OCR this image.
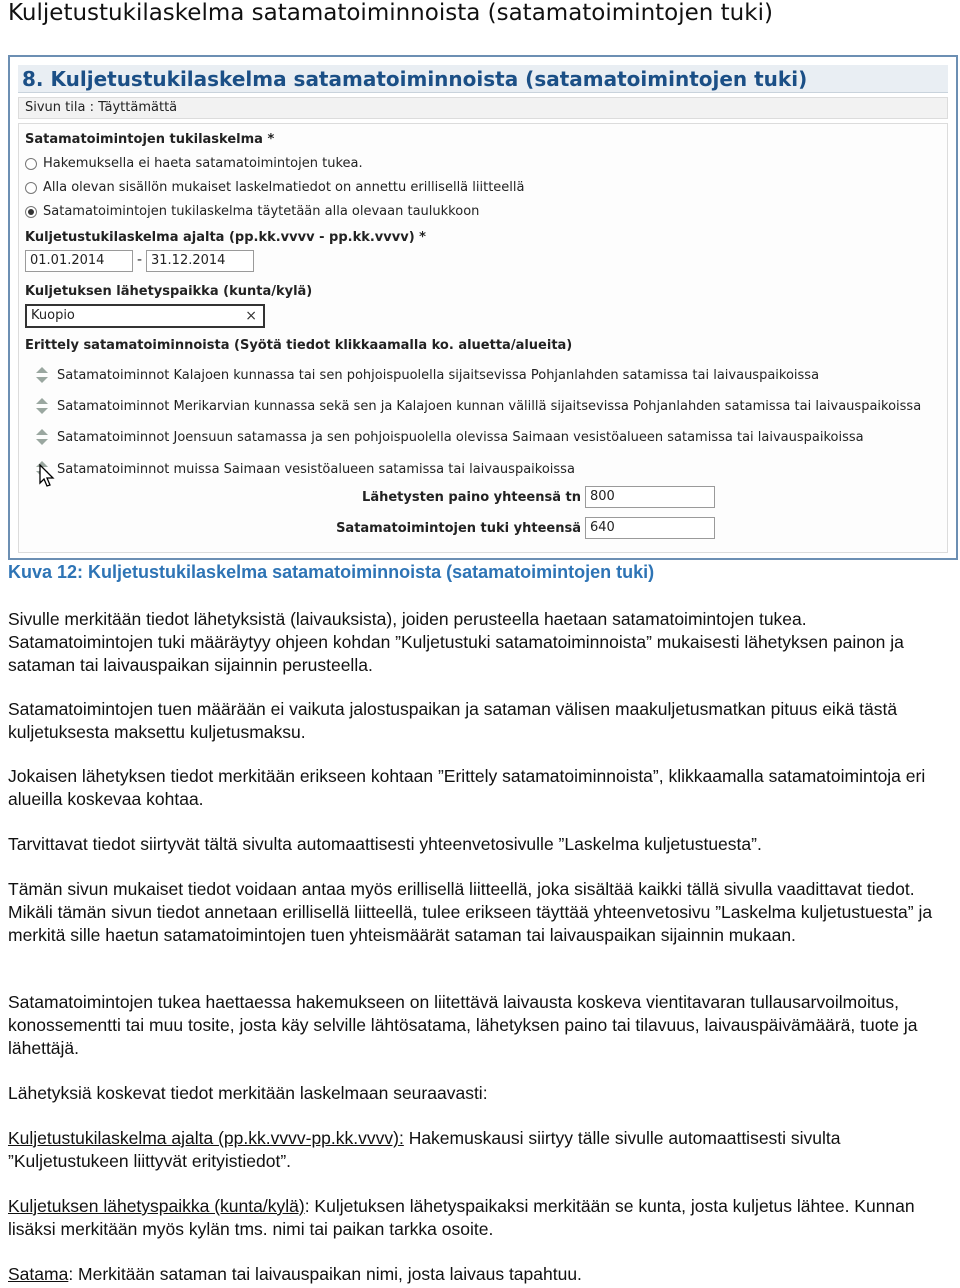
Kuljetustukilaskelma satamatoiminnoista (satamatoimintojen tuki)
8. Kuljetustukilaskelma satamatoiminnoista (satamatoimintojen tuki)
Sivun tila : Täyttämättä
Satamatoimintojen tukilaskelma *
Hakemuksella ei haeta satamatoimintojen tukea.
Alla olevan sisällön mukaiset laskelmatiedot on annettu erillisellä liitteellä
Satamatoimintojen tukilaskelma täytetään alla olevaan taulukkoon
Kuljetustukilaskelma ajalta (pp.kk.vvvv - pp.kk.vvvv) *
01.01.2014	- 31.12.2014
Kuljetuksen lähetyspaikka (kunta/kylä)
Kuopio	×
Erittely satamatoiminnoista (Syötä tiedot klikkaamalla ko. aluetta/alueita)
Satamatoiminnot Kalajoen kunnassa tai sen pohjoispuolella sijaitsevissa Pohjanlahden satamissa tai laivauspaikoissa
Satamatoiminnot Merikarvian kunnassa sekä sen ja Kalajoen kunnan välillä sijaitsevissa Pohjanlahden satamissa tai laivauspaikoissa
Satamatoiminnot Joensuun satamassa ja sen pohjoispuolella olevissa Saimaan vesistöalueen satamissa tai laivauspaikoissa
Satamatoiminnot muissa Saimaan vesistöalueen satamissa tai laivauspaikoissa
Lähetysten paino yhteensä tn 800
Satamatoimintojen tuki yhteensä 640
Kuva 12: Kuljetustukilaskelma satamatoiminnoista (satamatoimintojen tuki)

Sivulle merkitään tiedot lähetyksistä (laivauksista), joiden perusteella haetaan satamatoimintojen tukea. Satamatoimintojen tuki määräytyy ohjeen kohdan ”Kuljetustuki satamatoiminnoista” mukaisesti lähetyksen painon ja sataman tai laivauspaikan sijainnin perusteella.

Satamatoimintojen tuen määrään ei vaikuta jalostuspaikan ja sataman välisen maakuljetusmatkan pituus eikä tästä kuljetuksesta maksettu kuljetusmaksu.

Jokaisen lähetyksen tiedot merkitään erikseen kohtaan ”Erittely satamatoiminnoista”, klikkaamalla satamatoimintoja eri alueilla koskevaa kohtaa.

Tarvittavat tiedot siirtyvät tältä sivulta automaattisesti yhteenvetosivulle ”Laskelma kuljetustuesta”.

Tämän sivun mukaiset tiedot voidaan antaa myös erillisellä liitteellä, joka sisältää kaikki tällä sivulla vaadittavat tiedot. Mikäli tämän sivun tiedot annetaan erillisellä liitteellä, tulee erikseen täyttää yhteenvetosivu ”Laskelma kuljetustuesta” ja merkitä sille haetun satamatoimintojen tuen yhteismäärät sataman tai laivauspaikan sijainnin mukaan.

Satamatoimintojen tukea haettaessa hakemukseen on liitettävä laivausta koskeva vientitavaran tullausarvoilmoitus, konossementti tai muu tosite, josta käy selville lähtösatama, lähetyksen paino tai tilavuus, laivauspäivämäärä, tuote ja lähettäjä.

Lähetyksiä koskevat tiedot merkitään laskelmaan seuraavasti:

Kuljetustukilaskelma ajalta (pp.kk.vvvv-pp.kk.vvvv): Hakemuskausi siirtyy tälle sivulle automaattisesti sivulta ”Kuljetustukeen liittyvät erityistiedot”.

Kuljetuksen lähetyspaikka (kunta/kylä): Kuljetuksen lähetyspaikaksi merkitään se kunta, josta kuljetus lähtee. Kunnan lisäksi merkitään myös kylän tms. nimi tai paikan tarkka osoite.

Satama: Merkitään sataman tai laivauspaikan nimi, josta laivaus tapahtuu.
